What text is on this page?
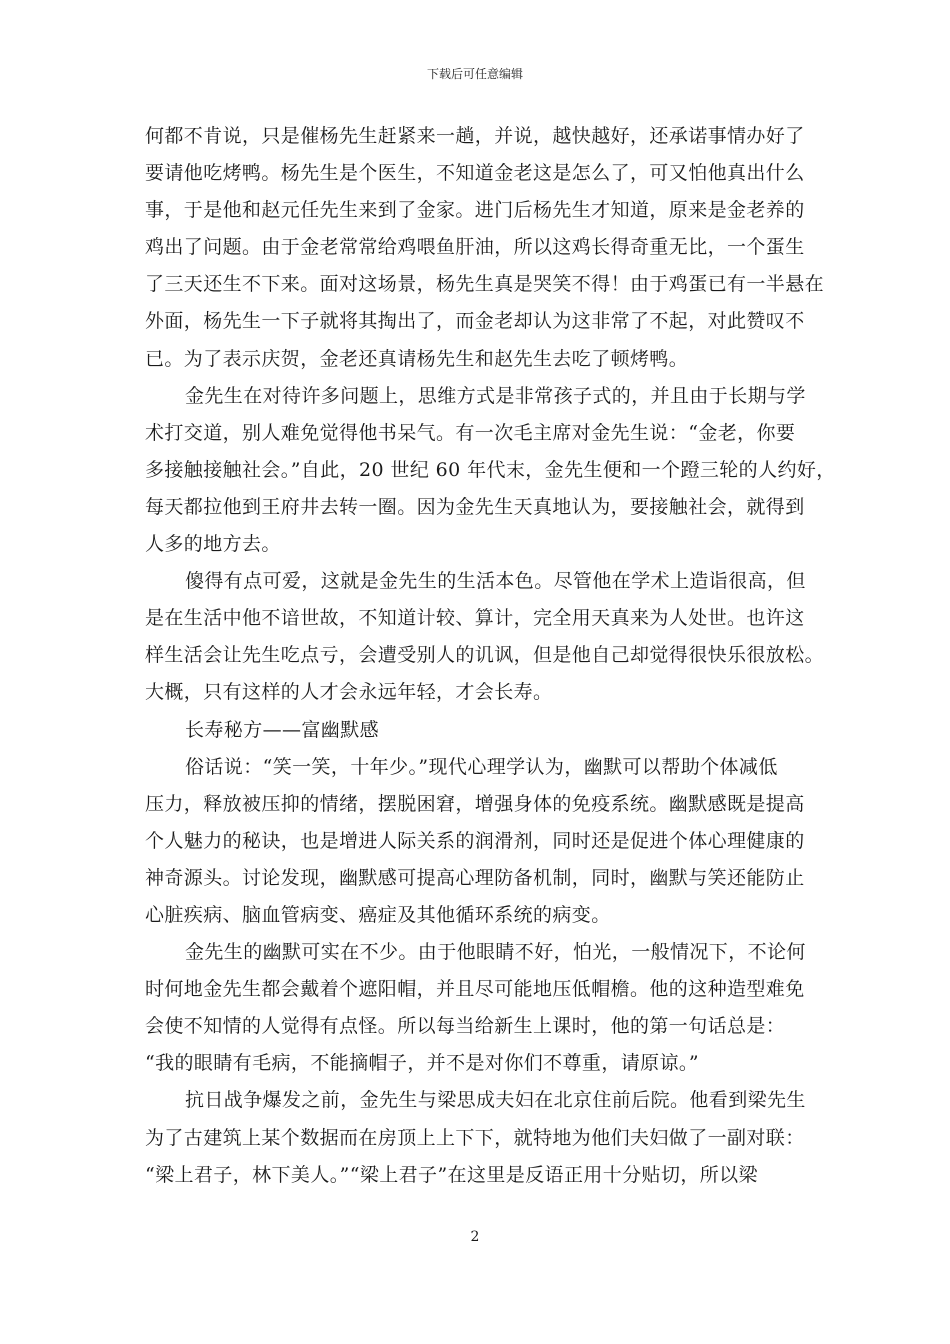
下载后可任意编辑
何都不肯说，只是催杨先生赶紧来一趟，并说，越快越好，还承诺事情办好了
要请他吃烤鸭。杨先生是个医生，不知道金老这是怎么了，可又怕他真出什么
事，于是他和赵元任先生来到了金家。进门后杨先生才知道，原来是金老养的
鸡出了问题。由于金老常常给鸡喂鱼肝油，所以这鸡长得奇重无比，一个蛋生
了三天还生不下来。面对这场景，杨先生真是哭笑不得！由于鸡蛋已有一半悬在
外面，杨先生一下子就将其掏出了，而金老却认为这非常了不起，对此赞叹不
已。为了表示庆贺，金老还真请杨先生和赵先生去吃了顿烤鸭。
金先生在对待许多问题上，思维方式是非常孩子式的，并且由于长期与学
术打交道，别人难免觉得他书呆气。有一次毛主席对金先生说：“金老，你要
多接触接触社会。”自此，20 世纪 60 年代末，金先生便和一个蹬三轮的人约好，
每天都拉他到王府井去转一圈。因为金先生天真地认为，要接触社会，就得到
人多的地方去。
傻得有点可爱，这就是金先生的生活本色。尽管他在学术上造诣很高，但
是在生活中他不谙世故，不知道计较、算计，完全用天真来为人处世。也许这
样生活会让先生吃点亏，会遭受别人的讥讽，但是他自己却觉得很快乐很放松。
大概，只有这样的人才会永远年轻，才会长寿。
长寿秘方——富幽默感
俗话说：“笑一笑，十年少。”现代心理学认为，幽默可以帮助个体减低
压力，释放被压抑的情绪，摆脱困窘，增强身体的免疫系统。幽默感既是提高
个人魅力的秘诀，也是增进人际关系的润滑剂，同时还是促进个体心理健康的
神奇源头。讨论发现，幽默感可提高心理防备机制，同时，幽默与笑还能防止
心脏疾病、脑血管病变、癌症及其他循环系统的病变。
金先生的幽默可实在不少。由于他眼睛不好，怕光，一般情况下，不论何
时何地金先生都会戴着个遮阳帽，并且尽可能地压低帽檐。他的这种造型难免
会使不知情的人觉得有点怪。所以每当给新生上课时，他的第一句话总是：
“我的眼睛有毛病，不能摘帽子，并不是对你们不尊重，请原谅。”
抗日战争爆发之前，金先生与梁思成夫妇在北京住前后院。他看到梁先生
为了古建筑上某个数据而在房顶上上下下，就特地为他们夫妇做了一副对联：
“梁上君子，林下美人。”“梁上君子”在这里是反语正用十分贴切，所以梁
2
